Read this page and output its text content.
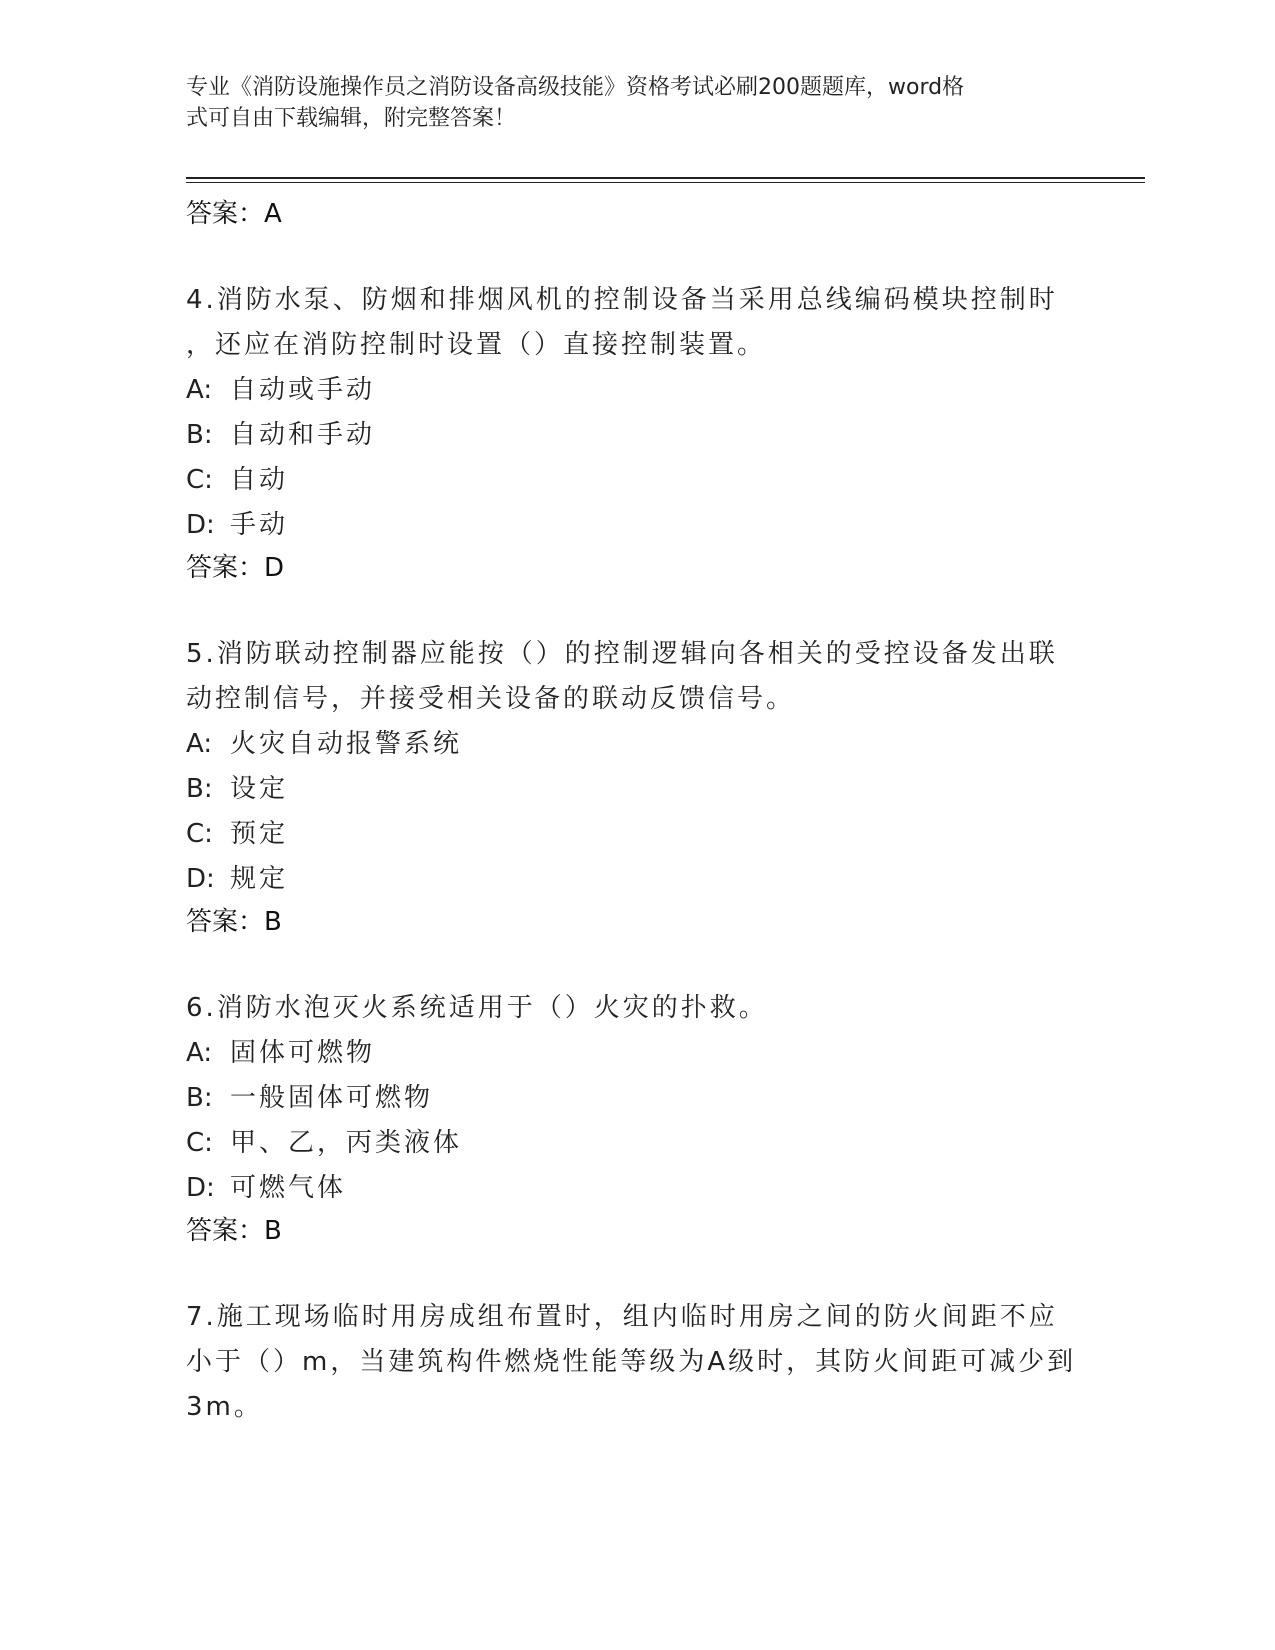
专业《消防设施操作员之消防设备高级技能》资格考试必刷200题题库，word格
式可自由下载编辑，附完整答案！
答案：A
4.消防水泵、防烟和排烟风机的控制设备当采用总线编码模块控制时
，还应在消防控制时设置（）直接控制装置。
A: 自动或手动
B: 自动和手动
C: 自动
D: 手动
答案：D
5.消防联动控制器应能按（）的控制逻辑向各相关的受控设备发出联
动控制信号，并接受相关设备的联动反馈信号。
A: 火灾自动报警系统
B: 设定
C: 预定
D: 规定
答案：B
6.消防水泡灭火系统适用于（）火灾的扑救。
A: 固体可燃物
B: 一般固体可燃物
C: 甲、乙，丙类液体
D: 可燃气体
答案：B
7.施工现场临时用房成组布置时，组内临时用房之间的防火间距不应
小于（）m，当建筑构件燃烧性能等级为A级时，其防火间距可减少到
3m。
